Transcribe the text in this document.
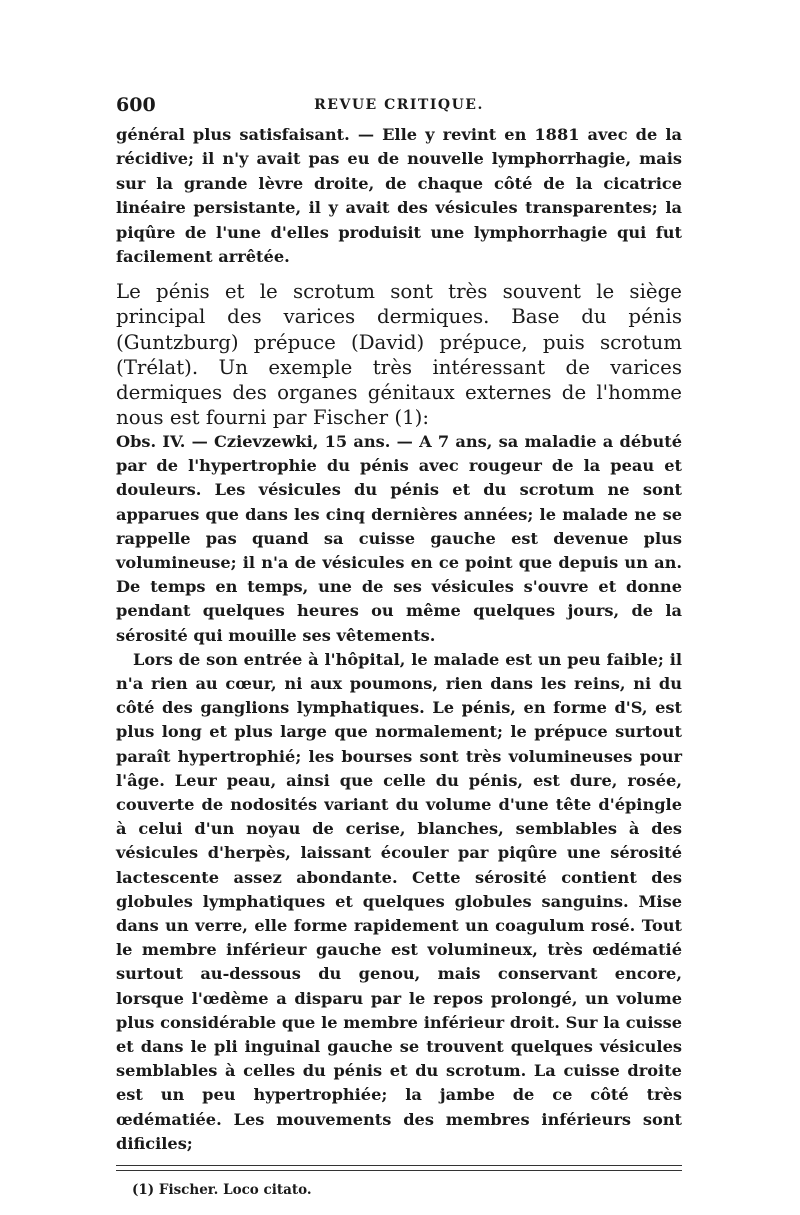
600	REVUE CRITIQUE.

général plus satisfaisant. — Elle y revint en 1881 avec de la récidive; il n'y avait pas eu de nouvelle lymphorrhagie, mais sur la grande lèvre droite, de chaque côté de la cicatrice linéaire persistante, il y avait des vésicules transparentes; la piqûre de l'une d'elles produisit une lymphorrhagie qui fut facilement arrêtée.

Le pénis et le scrotum sont très souvent le siège principal des varices dermiques. Base du pénis (Guntzburg) prépuce (David) prépuce, puis scrotum (Trélat). Un exemple très intéressant de varices dermiques des organes génitaux externes de l'homme nous est fourni par Fischer (1):

Obs. IV. — Czievzewki, 15 ans. — A 7 ans, sa maladie a débuté par de l'hypertrophie du pénis avec rougeur de la peau et douleurs. Les vésicules du pénis et du scrotum ne sont apparues que dans les cinq dernières années; le malade ne se rappelle pas quand sa cuisse gauche est devenue plus volumineuse; il n'a de vésicules en ce point que depuis un an. De temps en temps, une de ses vésicules s'ouvre et donne pendant quelques heures ou même quelques jours, de la sérosité qui mouille ses vêtements.

Lors de son entrée à l'hôpital, le malade est un peu faible; il n'a rien au cœur, ni aux poumons, rien dans les reins, ni du côté des ganglions lymphatiques. Le pénis, en forme d'S, est plus long et plus large que normalement; le prépuce surtout paraît hypertrophié; les bourses sont très volumineuses pour l'âge. Leur peau, ainsi que celle du pénis, est dure, rosée, couverte de nodosités variant du volume d'une tête d'épingle à celui d'un noyau de cerise, blanches, semblables à des vésicules d'herpès, laissant écouler par piqûre une sérosité lactescente assez abondante. Cette sérosité contient des globules lymphatiques et quelques globules sanguins. Mise dans un verre, elle forme rapidement un coagulum rosé. Tout le membre inférieur gauche est volumineux, très œdématié surtout au-dessous du genou, mais conservant encore, lorsque l'œdème a disparu par le repos prolongé, un volume plus considérable que le membre inférieur droit. Sur la cuisse et dans le pli inguinal gauche se trouvent quelques vésicules semblables à celles du pénis et du scrotum. La cuisse droite est un peu hypertrophiée; la jambe de ce côté très œdématiée. Les mouvements des membres inférieurs sont dificiles;

(1) Fischer. Loco citato.
